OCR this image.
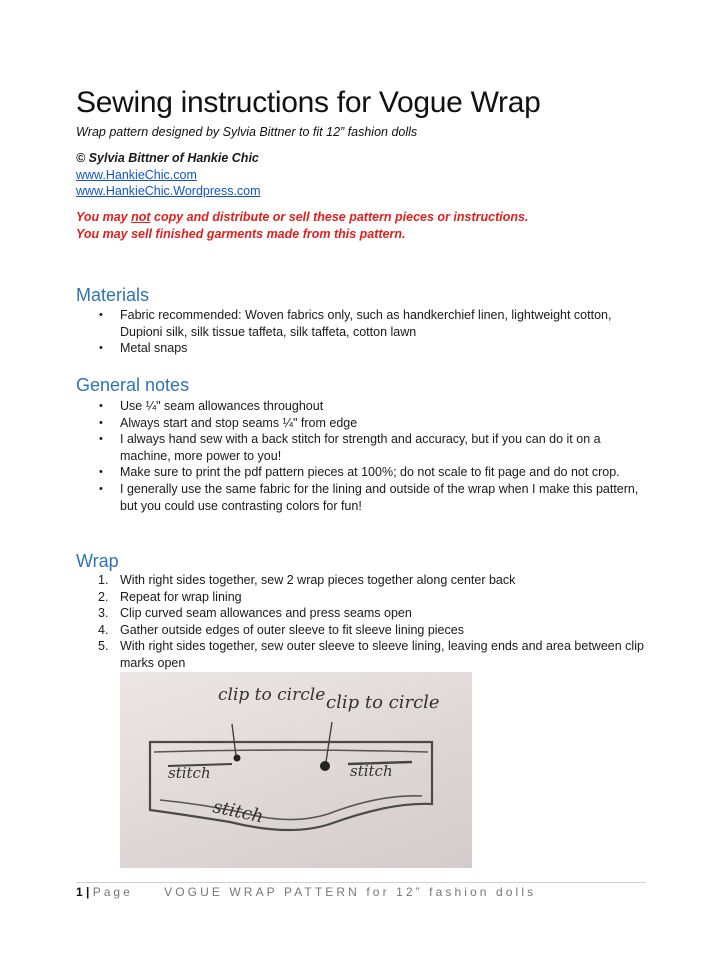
Sewing instructions for Vogue Wrap
Wrap pattern designed by Sylvia Bittner to fit 12” fashion dolls
© Sylvia Bittner of Hankie Chic
www.HankieChic.com
www.HankieChic.Wordpress.com
You may not copy and distribute or sell these pattern pieces or instructions.
You may sell finished garments made from this pattern.
Materials
• Fabric recommended: Woven fabrics only, such as handkerchief linen, lightweight cotton, Dupioni silk, silk tissue taffeta, silk taffeta, cotton lawn
• Metal snaps
General notes
• Use ¼" seam allowances throughout
• Always start and stop seams ¼" from edge
• I always hand sew with a back stitch for strength and accuracy, but if you can do it on a machine, more power to you!
• Make sure to print the pdf pattern pieces at 100%; do not scale to fit page and do not crop.
• I generally use the same fabric for the lining and outside of the wrap when I make this pattern, but you could use contrasting colors for fun!
Wrap
1. With right sides together, sew 2 wrap pieces together along center back
2. Repeat for wrap lining
3. Clip curved seam allowances and press seams open
4. Gather outside edges of outer sleeve to fit sleeve lining pieces
5. With right sides together, sew outer sleeve to sleeve lining, leaving ends and area between clip marks open
clip to circle clip to circle
stitch	stitch
stitch
1 | Page	VOGUE WRAP PATTERN for 12” fashion dolls
